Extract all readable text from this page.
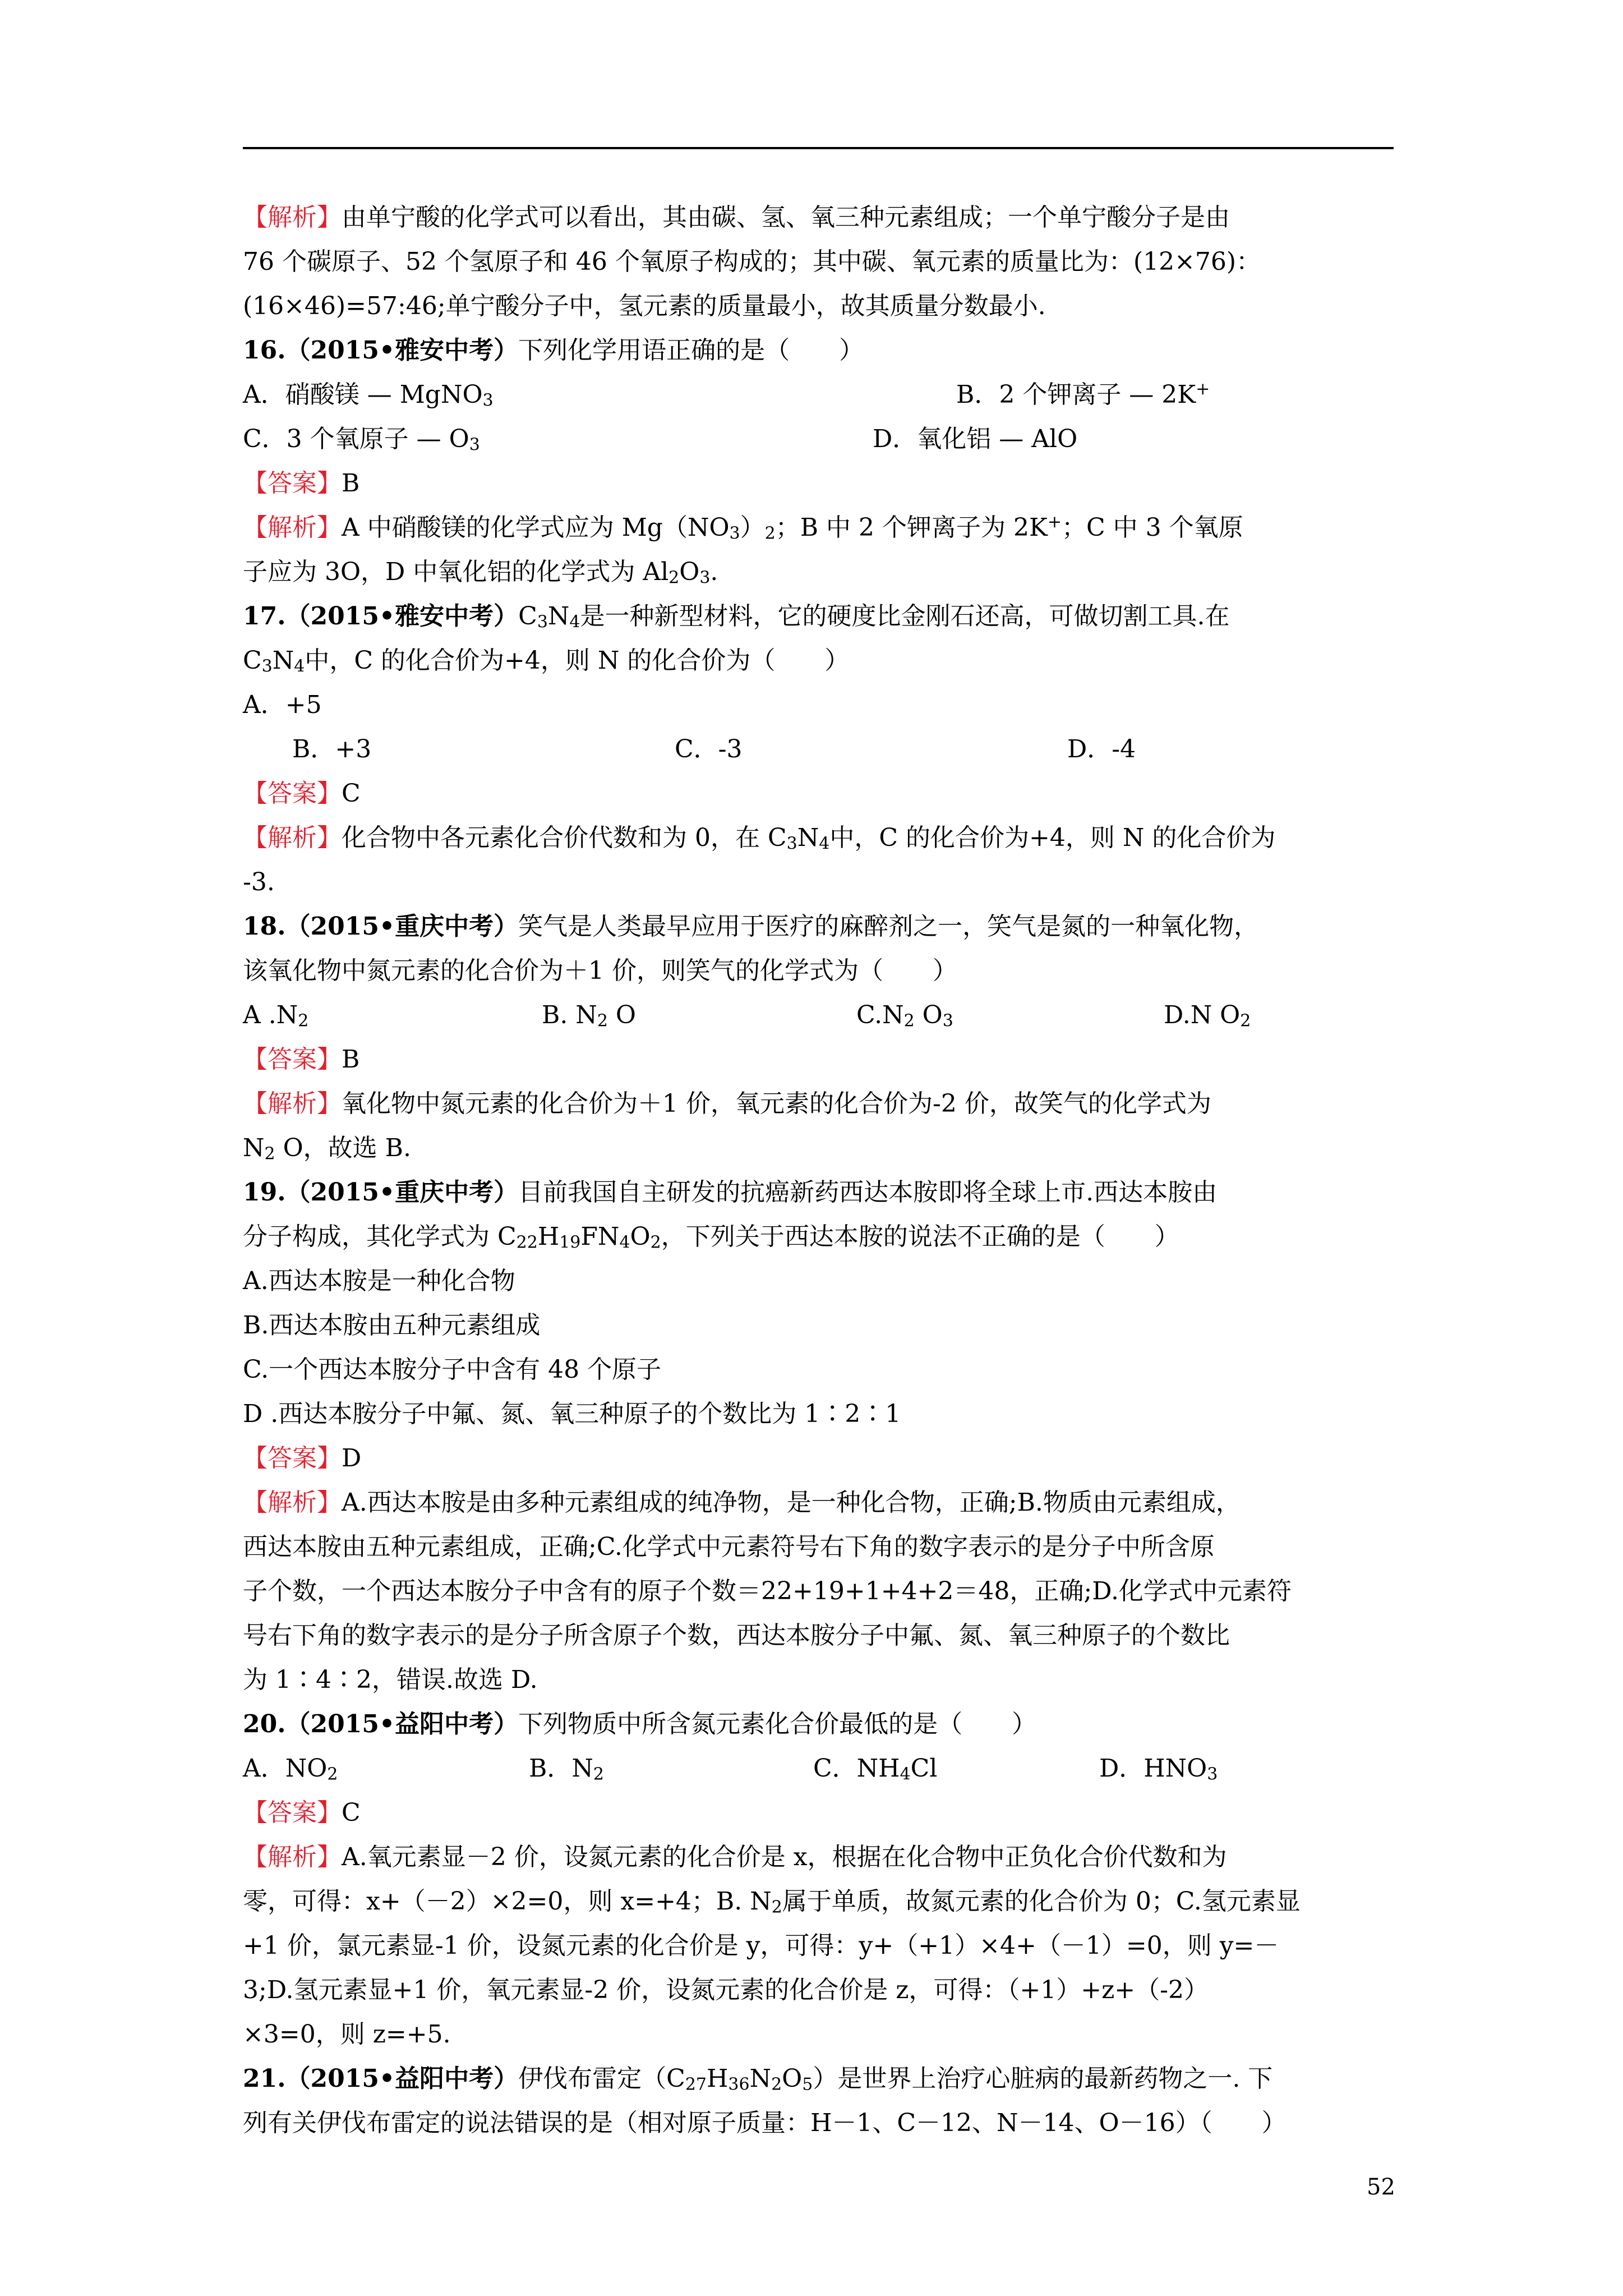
【解析】由单宁酸的化学式可以看出，其由碳、氢、氧三种元素组成；一个单宁酸分子是由
76 个碳原子、52 个氢原子和 46 个氧原子构成的；其中碳、氧元素的质量比为：(12×76)：
(16×46)=57:46;单宁酸分子中，氢元素的质量最小，故其质量分数最小.
16.（2015•雅安中考）下列化学用语正确的是（　　）
A．硝酸镁 — MgNO$_3$	B．2 个钾离子 — 2K+
C．3 个氧原子 — $O_3$	D．氧化铝 — AlO
【答案】B
【解析】A 中硝酸镁的化学式应为 $Mg(NO_3)_2$；B 中 2 个钾离子为 2K+；C 中 3 个氧原
子应为 3O，D 中氧化铝的化学式为 $Al_2O_3$.
17.（2015•雅安中考）$C_3N_4$是一种新型材料，它的硬度比金刚石还高，可做切割工具.在
$C_3N_4$中，C 的化合价为+4，则 N 的化合价为（　　）
A．+5
B．+3	C．-3	D．-4
【答案】C
【解析】化合物中各元素化合价代数和为 0，在 $C_3N_4$中，C 的化合价为+4，则 N 的化合价为
-3.
18.（2015•重庆中考）笑气是人类最早应用于医疗的麻醉剂之一，笑气是氮的一种氧化物，
该氧化物中氮元素的化合价为＋1 价，则笑气的化学式为（　　）
A $.N_2$	B. $N_2$ O	$C.N_2$ $O_3$	D.N $O_2$
【答案】B
【解析】氧化物中氮元素的化合价为＋1 价，氧元素的化合价为-2 价，故笑气的化学式为
$N_2$ O，故选 B.
19.（2015•重庆中考）目前我国自主研发的抗癌新药西达本胺即将全球上市.西达本胺由
分子构成，其化学式为 $C_{22}H_{19}FN_4O_2$，下列关于西达本胺的说法不正确的是（　　）
A.西达本胺是一种化合物
B.西达本胺由五种元素组成
C.一个西达本胺分子中含有 48 个原子
D .西达本胺分子中氟、氮、氧三种原子的个数比为 1∶2∶1
【答案】D
【解析】A.西达本胺是由多种元素组成的纯净物，是一种化合物，正确;B.物质由元素组成，
西达本胺由五种元素组成，正确;C.化学式中元素符号右下角的数字表示的是分子中所含原
子个数，一个西达本胺分子中含有的原子个数＝22+19+1+4+2＝48，正确;D.化学式中元素符
号右下角的数字表示的是分子所含原子个数，西达本胺分子中氟、氮、氧三种原子的个数比
为 1∶4∶2，错误.故选 D.
20.（2015•益阳中考）下列物质中所含氮元素化合价最低的是（　　）
A．$NO_2$	B．$N_2$	C．$NH_4Cl$	D．$HNO_3$
【答案】C
【解析】A.氧元素显－2 价，设氮元素的化合价是 x，根据在化合物中正负化合价代数和为
零，可得：x+（－2）×2=0，则 x=+4；B. $N_2$属于单质，故氮元素的化合价为 0；C.氢元素显
+1 价，氯元素显-1 价，设氮元素的化合价是 y，可得：y+（+1）×4+（－1）=0，则 y=－
3;D.氢元素显+1 价，氧元素显-2 价，设氮元素的化合价是 z，可得：（+1）+z+（-2）
×3=0，则 z=+5.
21.（2015•益阳中考）伊伐布雷定$(C_{27}H_{36}N_2O_5)$是世界上治疗心脏病的最新药物之一. 下
列有关伊伐布雷定的说法错误的是（相对原子质量：H－1、C－12、N－14、O－16）（　　）
52
